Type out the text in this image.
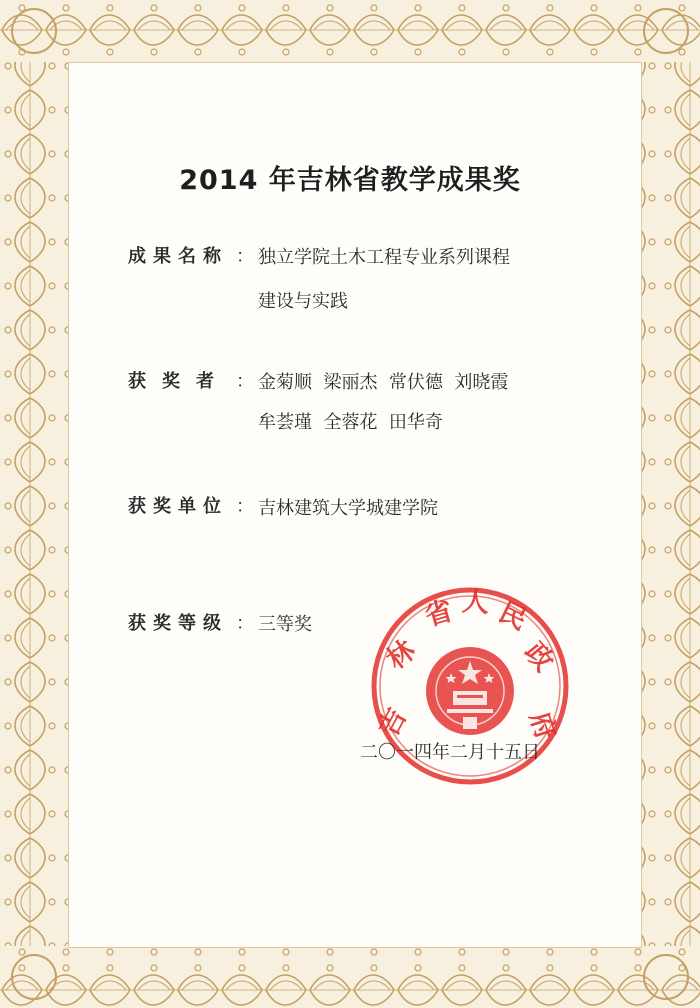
2014 年吉林省教学成果奖
成果名称 ： 独立学院土木工程专业系列课程
建设与实践
获奖者 ： 金菊顺  梁丽杰  常伏德  刘晓霞
牟荟瑾  全蓉花  田华奇
获奖单位 ： 吉林建筑大学城建学院
获奖等级 ： 三等奖
吉
林
省 人 民
政
府
二〇一四年二月十五日
